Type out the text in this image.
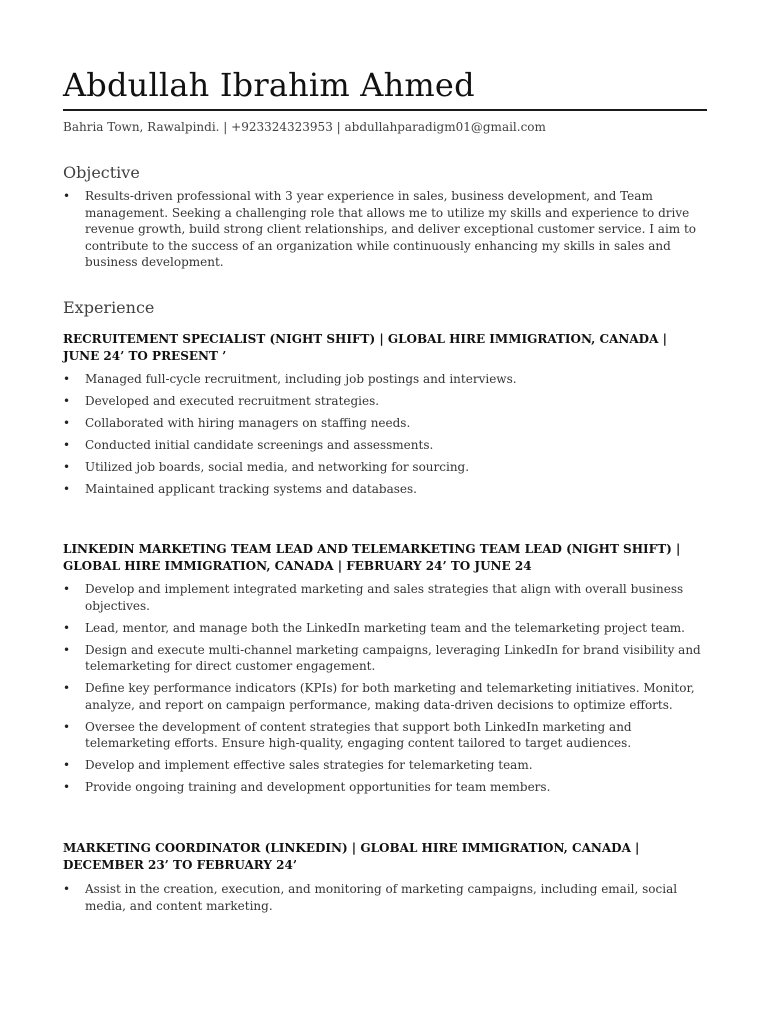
Abdullah Ibrahim Ahmed
Bahria Town, Rawalpindi. | +923324323953 | abdullahparadigm01@gmail.com
Objective
• Results-driven professional with 3 year experience in sales, business development, and Team management. Seeking a challenging role that allows me to utilize my skills and experience to drive revenue growth, build strong client relationships, and deliver exceptional customer service. I aim to contribute to the success of an organization while continuously enhancing my skills in sales and business development.
Experience
RECRUITEMENT SPECIALIST (NIGHT SHIFT) | GLOBAL HIRE IMMIGRATION, CANADA | JUNE 24’ TO PRESENT ’
• Managed full-cycle recruitment, including job postings and interviews.
• Developed and executed recruitment strategies.
• Collaborated with hiring managers on staffing needs.
• Conducted initial candidate screenings and assessments.
• Utilized job boards, social media, and networking for sourcing.
• Maintained applicant tracking systems and databases.
LINKEDIN MARKETING TEAM LEAD AND TELEMARKETING TEAM LEAD (NIGHT SHIFT) | GLOBAL HIRE IMMIGRATION, CANADA | FEBRUARY 24’ TO JUNE 24
• Develop and implement integrated marketing and sales strategies that align with overall business objectives.
• Lead, mentor, and manage both the LinkedIn marketing team and the telemarketing project team.
• Design and execute multi-channel marketing campaigns, leveraging LinkedIn for brand visibility and telemarketing for direct customer engagement.
• Define key performance indicators (KPIs) for both marketing and telemarketing initiatives. Monitor, analyze, and report on campaign performance, making data-driven decisions to optimize efforts.
• Oversee the development of content strategies that support both LinkedIn marketing and telemarketing efforts. Ensure high-quality, engaging content tailored to target audiences.
• Develop and implement effective sales strategies for telemarketing team.
• Provide ongoing training and development opportunities for team members.
MARKETING COORDINATOR (LINKEDIN) | GLOBAL HIRE IMMIGRATION, CANADA | DECEMBER 23’ TO FEBRUARY 24’
• Assist in the creation, execution, and monitoring of marketing campaigns, including email, social media, and content marketing.
